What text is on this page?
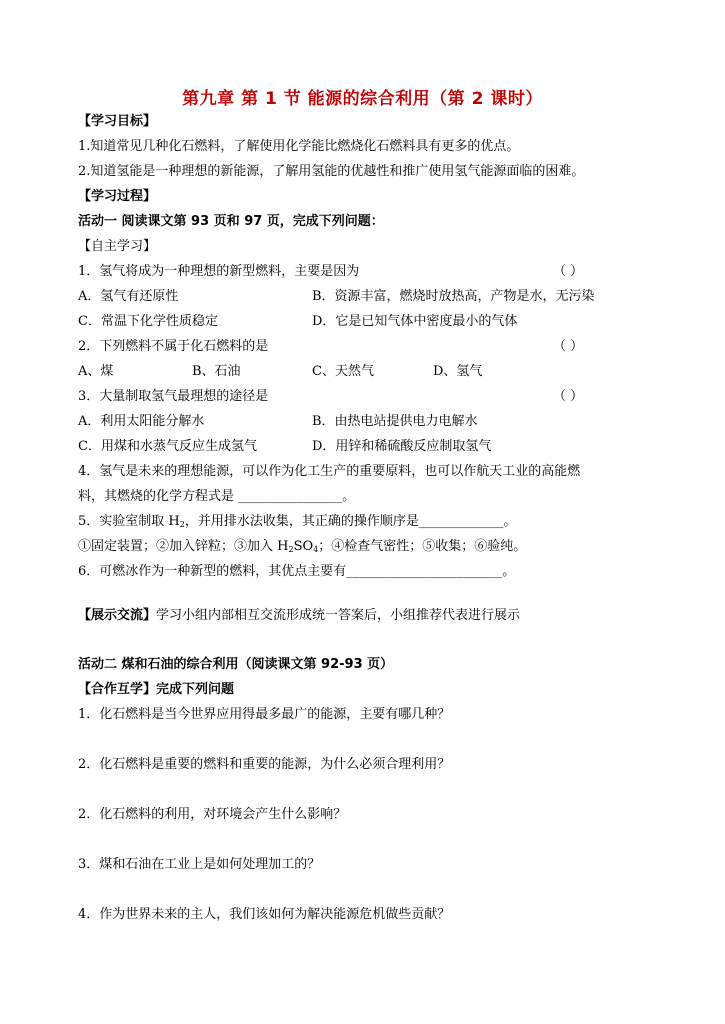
第九章 第 1 节 能源的综合利用（第 2 课时）
【学习目标】
1.知道常见几种化石燃料，了解使用化学能比燃烧化石燃料具有更多的优点。
2.知道氢能是一种理想的新能源，了解用氢能的优越性和推广使用氢气能源面临的困难。
【学习过程】
活动一 阅读课文第 93 页和 97 页，完成下列问题：
【自主学习】
1．氢气将成为一种理想的新型燃料，主要是因为	（ ）
A．氢气有还原性	B．资源丰富，燃烧时放热高，产物是水，无污染
C．常温下化学性质稳定	D．它是已知气体中密度最小的气体
2．下列燃料不属于化石燃料的是	（ ）
A、煤	B、石油	C、天然气	D、氢气
3．大量制取氢气最理想的途径是	（ ）
A．利用太阳能分解水	B．由热电站提供电力电解水
C．用煤和水蒸气反应生成氢气	D．用锌和稀硫酸反应制取氢气
4．氢气是未来的理想能源，可以作为化工生产的重要原料，也可以作航天工业的高能燃
料，其燃烧的化学方程式是 ________________。
5．实验室制取 $H_2$，并用排水法收集，其正确的操作顺序是_____________。
①固定装置；②加入锌粒；③加入 $H_2SO_4$；④检查气密性；⑤收集；⑥验纯。
6．可燃冰作为一种新型的燃料，其优点主要有________________________。
【展示交流】学习小组内部相互交流形成统一答案后，小组推荐代表进行展示
活动二 煤和石油的综合利用（阅读课文第 92-93 页）
【合作互学】完成下列问题
1．化石燃料是当今世界应用得最多最广的能源，主要有哪几种？
2．化石燃料是重要的燃料和重要的能源，为什么必须合理利用？
2．化石燃料的利用，对环境会产生什么影响？
3．煤和石油在工业上是如何处理加工的？
4．作为世界未来的主人，我们该如何为解决能源危机做些贡献？
